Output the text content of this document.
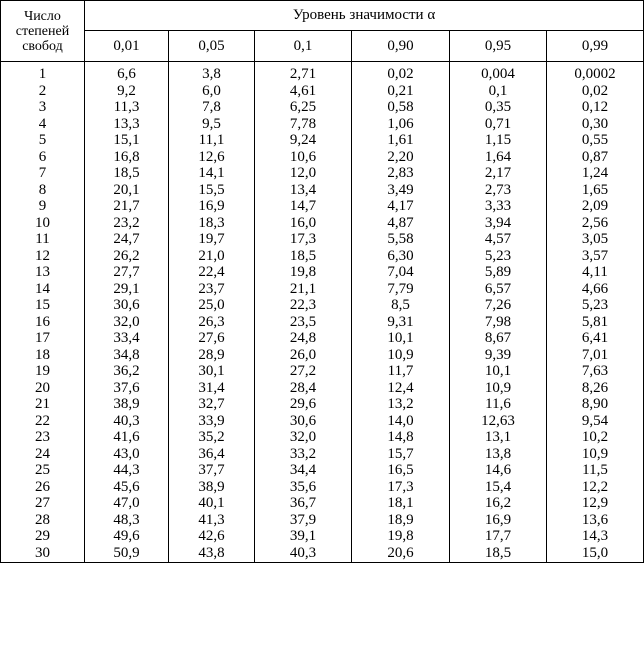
Число
степеней
свобод	Уровень значимости α					
	0,01	0,05	0,1	0,90	0,95	0,99
1	6,6	3,8	2,71	0,02	0,004	0,0002
2	9,2	6,0	4,61	0,21	0,1	0,02
3	11,3	7,8	6,25	0,58	0,35	0,12
4	13,3	9,5	7,78	1,06	0,71	0,30
5	15,1	11,1	9,24	1,61	1,15	0,55
6	16,8	12,6	10,6	2,20	1,64	0,87
7	18,5	14,1	12,0	2,83	2,17	1,24
8	20,1	15,5	13,4	3,49	2,73	1,65
9	21,7	16,9	14,7	4,17	3,33	2,09
10	23,2	18,3	16,0	4,87	3,94	2,56
11	24,7	19,7	17,3	5,58	4,57	3,05
12	26,2	21,0	18,5	6,30	5,23	3,57
13	27,7	22,4	19,8	7,04	5,89	4,11
14	29,1	23,7	21,1	7,79	6,57	4,66
15	30,6	25,0	22,3	8,5	7,26	5,23
16	32,0	26,3	23,5	9,31	7,98	5,81
17	33,4	27,6	24,8	10,1	8,67	6,41
18	34,8	28,9	26,0	10,9	9,39	7,01
19	36,2	30,1	27,2	11,7	10,1	7,63
20	37,6	31,4	28,4	12,4	10,9	8,26
21	38,9	32,7	29,6	13,2	11,6	8,90
22	40,3	33,9	30,6	14,0	12,63	9,54
23	41,6	35,2	32,0	14,8	13,1	10,2
24	43,0	36,4	33,2	15,7	13,8	10,9
25	44,3	37,7	34,4	16,5	14,6	11,5
26	45,6	38,9	35,6	17,3	15,4	12,2
27	47,0	40,1	36,7	18,1	16,2	12,9
28	48,3	41,3	37,9	18,9	16,9	13,6
29	49,6	42,6	39,1	19,8	17,7	14,3
30	50,9	43,8	40,3	20,6	18,5	15,0
